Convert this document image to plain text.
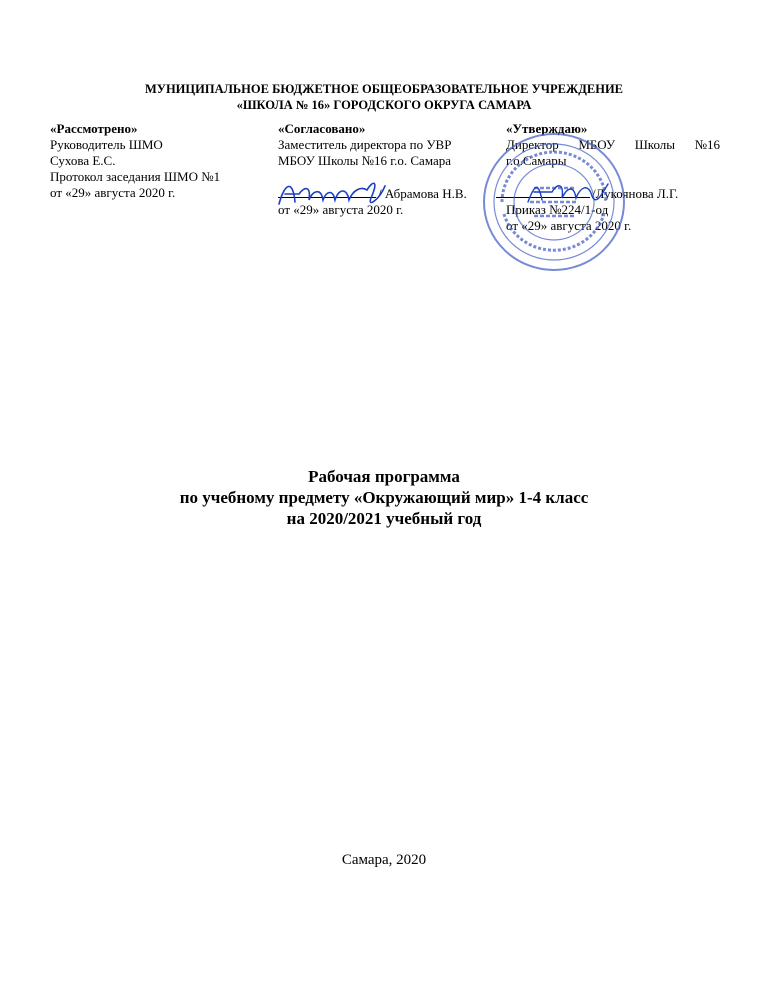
МУНИЦИПАЛЬНОЕ БЮДЖЕТНОЕ ОБЩЕОБРАЗОВАТЕЛЬНОЕ УЧРЕЖДЕНИЕ
«ШКОЛА № 16» ГОРОДСКОГО ОКРУГА САМАРА
«Рассмотрено»
Руководитель ШМО
Сухова Е.С.
Протокол заседания ШМО №1
от «29» августа 2020 г.
«Согласовано»
Заместитель директора по УВР
МБОУ Школы №16 г.о. Самара
/ Абрамова Н.В.
от «29» августа 2020 г.
«Утверждаю»
Директор МБОУ Школы №16
г.о.Самары
/Лукоянова Л.Г.
Приказ №224/1-од
от «29» августа 2020 г.
Рабочая программа
по учебному предмету «Окружающий мир» 1-4 класс
на 2020/2021 учебный год
Самара, 2020
